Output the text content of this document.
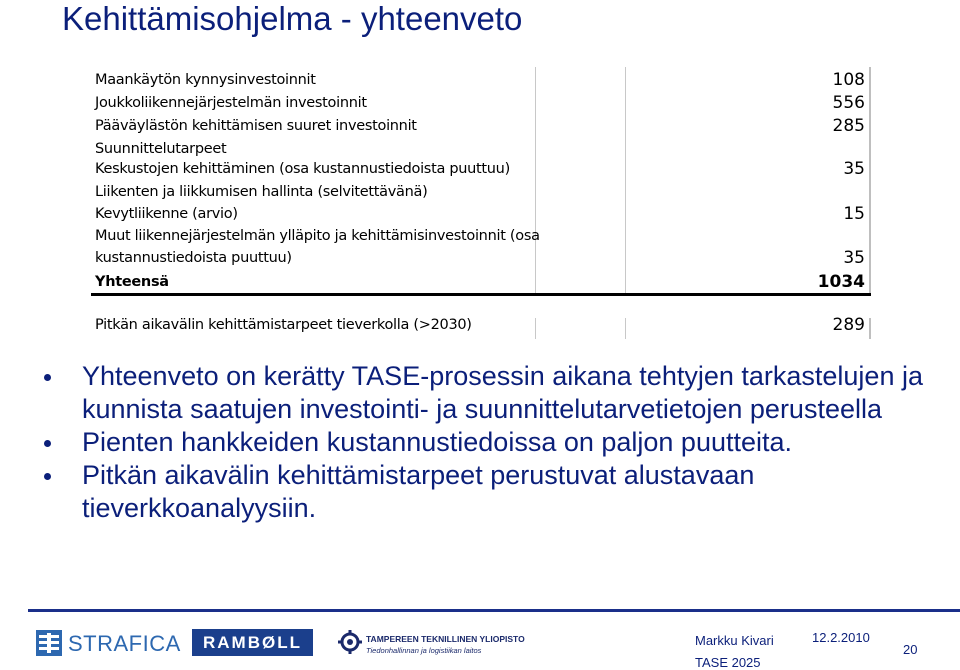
Kehittämisohjelma - yhteenveto
Maankäytön kynnysinvestoinnit	108
Joukkoliikennejärjestelmän investoinnit	556
Pääväylästön kehittämisen suuret investoinnit	285
Suunnittelutarpeet
Keskustojen kehittäminen (osa kustannustiedoista puuttuu)	35
Liikenten ja liikkumisen hallinta (selvitettävänä)
Kevytliikenne (arvio)	15
Muut liikennejärjestelmän ylläpito ja kehittämisinvestoinnit (osa
kustannustiedoista puuttuu)	35
Yhteensä	1034
Pitkän aikavälin kehittämistarpeet tieverkolla (>2030)	289
Yhteenveto on kerätty TASE-prosessin aikana tehtyjen tarkastelujen ja kunnista saatujen investointi- ja suunnittelutarvetietojen perusteella
Pienten hankkeiden kustannustiedoissa on paljon puutteita.
Pitkän aikavälin kehittämistarpeet perustuvat alustavaan tieverkkoanalyysiin.
STRAFICA	RAMBØLL	TAMPEREEN TEKNILLINEN YLIOPISTO
Tiedonhallinnan ja logistiikan laitos
Markku Kivari	12.2.2010
TASE 2025
20
